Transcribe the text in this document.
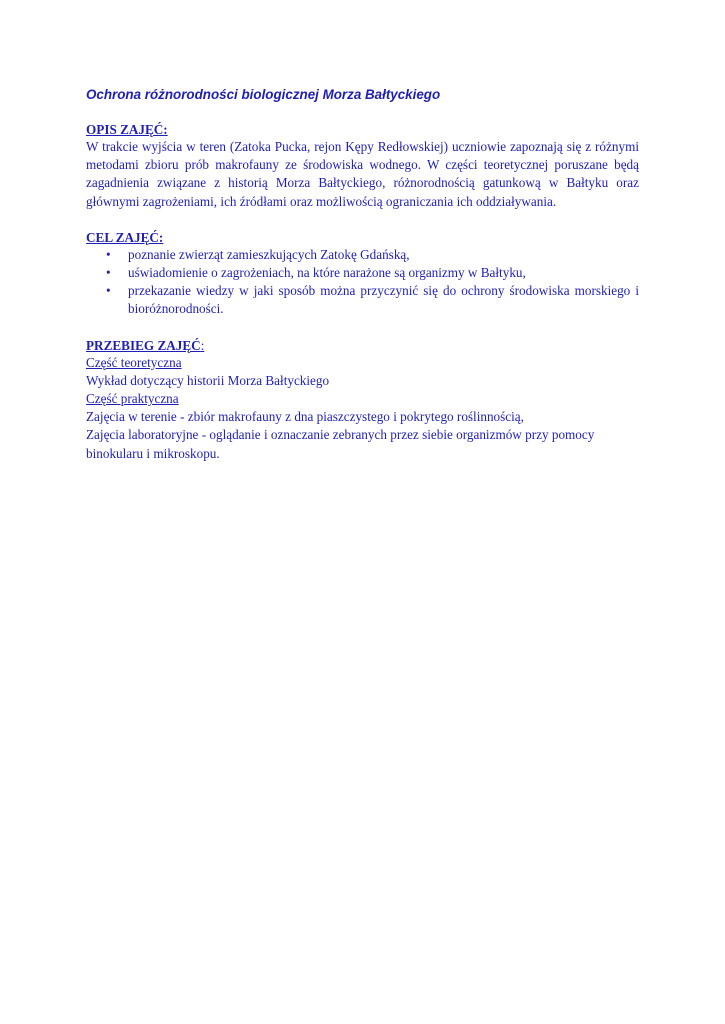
Ochrona różnorodności biologicznej Morza Bałtyckiego

OPIS ZAJĘĆ:

W trakcie wyjścia w teren (Zatoka Pucka, rejon Kępy Redłowskiej) uczniowie zapoznają się z różnymi metodami zbioru prób makrofauny ze środowiska wodnego. W części teoretycznej poruszane będą zagadnienia związane z historią Morza Bałtyckiego, różnorodnością gatunkową w Bałtyku oraz głównymi zagrożeniami, ich źródłami oraz możliwością ograniczania ich oddziaływania.

CEL ZAJĘĆ:

• poznanie zwierząt zamieszkujących Zatokę Gdańską,
• uświadomienie o zagrożeniach, na które narażone są organizmy w Bałtyku,
• przekazanie wiedzy w jaki sposób można przyczynić się do ochrony środowiska morskiego i bioróżnorodności.

PRZEBIEG ZAJĘĆ:

Część teoretyczna

Wykład dotyczący historii Morza Bałtyckiego

Część praktyczna

Zajęcia w terenie - zbiór makrofauny z dna piaszczystego i pokrytego roślinnością,

Zajęcia laboratoryjne - oglądanie i oznaczanie zebranych przez siebie organizmów przy pomocy binokularu i mikroskopu.
